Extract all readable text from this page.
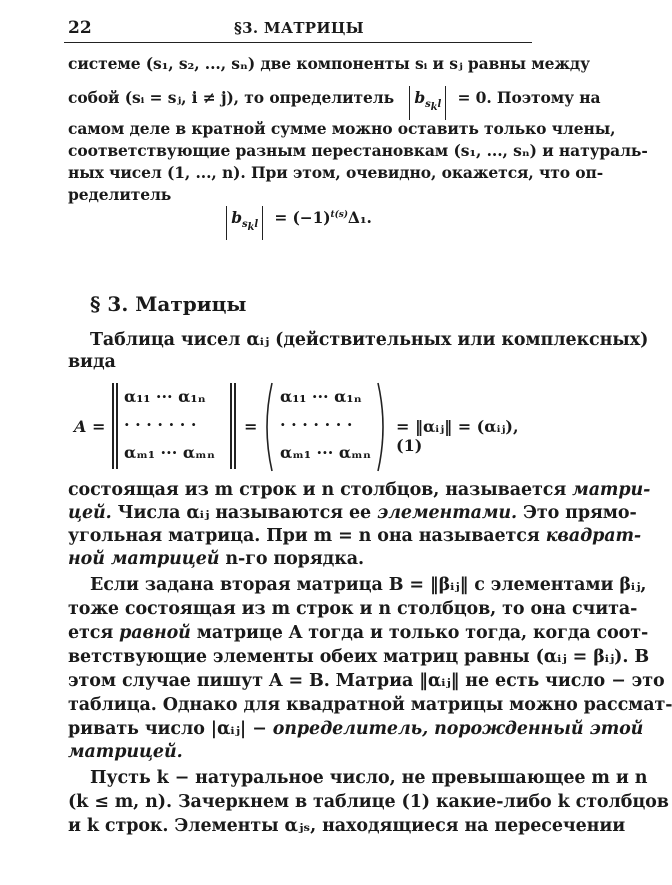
22	§3. МАТРИЦЫ
системе (s₁, s₂, ..., sₙ) две компоненты sᵢ и sⱼ равны между
собой (sᵢ = sⱼ, i ≠ j), то определитель $b_{s_kl} = 0$. Поэтому на
самом деле в кратной сумме можно оставить только члены,
соответствующие разным перестановкам (s₁, ..., sₙ) и натураль-
ных чисел (1, ..., n). При этом, очевидно, окажется, что оп-
ределитель
$b_{s_kl} = (-1)^{t(s)}\Delta_1$.
§ 3. Матрицы
Таблица чисел αᵢⱼ (действительных или комплексных)
вида
A =
α₁₁ ··· α₁ₙ
· · · · · · ·
αₘ₁ ··· αₘₙ
=
α₁₁ ··· α₁ₙ
· · · · · · ·
αₘ₁ ··· αₘₙ
= ‖αᵢⱼ‖ = (αᵢⱼ), (1)
состоящая из m строк и n столбцов, называется матри-
цей. Числа αᵢⱼ называются ее элементами. Это прямо-
угольная матрица. При m = n она называется квадрат-
ной матрицей n-го порядка.
Если задана вторая матрица B = ‖βᵢⱼ‖ с элементами βᵢⱼ,
тоже состоящая из m строк и n столбцов, то она счита-
ется равной матрице A тогда и только тогда, когда соот-
ветствующие элементы обеих матриц равны (αᵢⱼ = βᵢⱼ). В
этом случае пишут A = B. Матриа ‖αᵢⱼ‖ не есть число − это
таблица. Однако для квадратной матрицы можно рассмат-
ривать число |αᵢⱼ| − определитель, порожденный этой
матрицей.
Пусть k − натуральное число, не превышающее m и n
(k ≤ m, n). Зачеркнем в таблице (1) какие-либо k столбцов
и k строк. Элементы αⱼₛ, находящиеся на пересечении
